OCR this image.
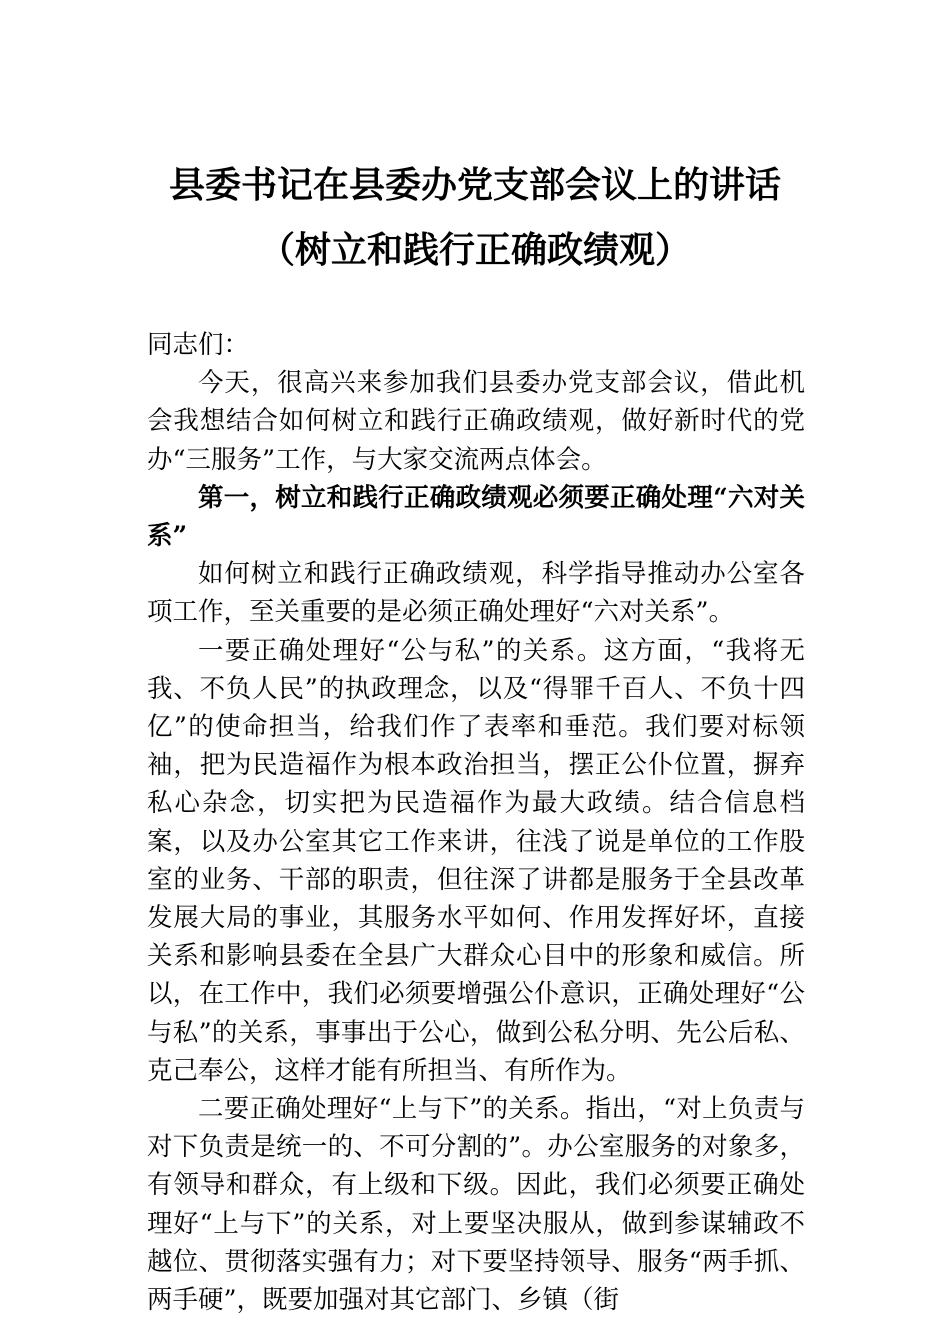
县委书记在县委办党支部会议上的讲话
（树立和践行正确政绩观）

同志们：

今天，很高兴来参加我们县委办党支部会议，借此机会我想结合如何树立和践行正确政绩观，做好新时代的党办“三服务”工作，与大家交流两点体会。

第一，树立和践行正确政绩观必须要正确处理“六对关系”

如何树立和践行正确政绩观，科学指导推动办公室各项工作，至关重要的是必须正确处理好“六对关系”。

一要正确处理好“公与私”的关系。这方面，“我将无我、不负人民”的执政理念，以及“得罪千百人、不负十四亿”的使命担当，给我们作了表率和垂范。我们要对标领袖，把为民造福作为根本政治担当，摆正公仆位置，摒弃私心杂念，切实把为民造福作为最大政绩。结合信息档案，以及办公室其它工作来讲，往浅了说是单位的工作股室的业务、干部的职责，但往深了讲都是服务于全县改革发展大局的事业，其服务水平如何、作用发挥好坏，直接关系和影响县委在全县广大群众心目中的形象和威信。所以，在工作中，我们必须要增强公仆意识，正确处理好“公与私”的关系，事事出于公心，做到公私分明、先公后私、克己奉公，这样才能有所担当、有所作为。

二要正确处理好“上与下”的关系。指出，“对上负责与对下负责是统一的、不可分割的”。办公室服务的对象多，有领导和群众，有上级和下级。因此，我们必须要正确处理好“上与下”的关系，对上要坚决服从，做到参谋辅政不越位、贯彻落实强有力；对下要坚持领导、服务“两手抓、两手硬”，既要加强对其它部门、乡镇（街
